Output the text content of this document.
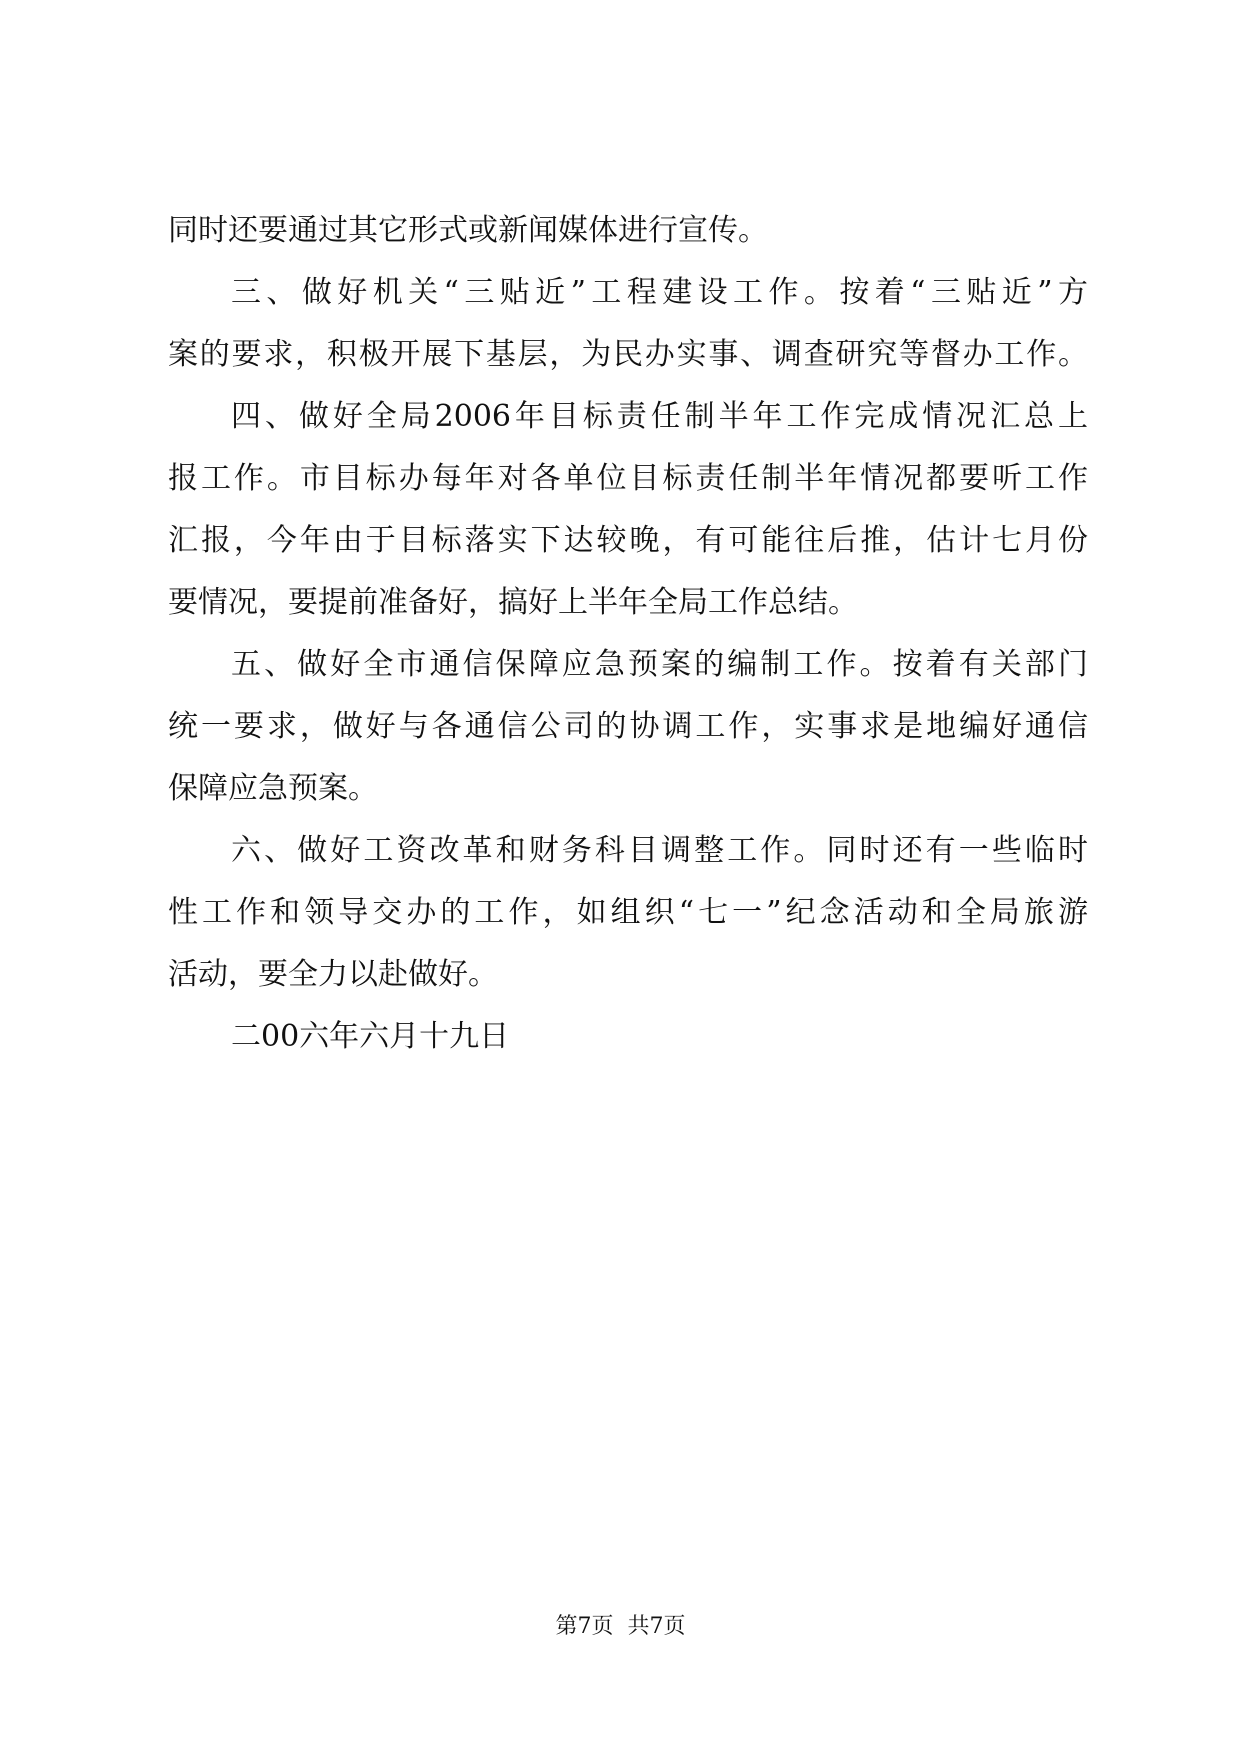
同时还要通过其它形式或新闻媒体进行宣传。
三、做好机关“三贴近”工程建设工作。按着“三贴近”方
案的要求，积极开展下基层，为民办实事、调查研究等督办工作。
四、做好全局2006年目标责任制半年工作完成情况汇总上
报工作。市目标办每年对各单位目标责任制半年情况都要听工作
汇报，今年由于目标落实下达较晚，有可能往后推，估计七月份
要情况，要提前准备好，搞好上半年全局工作总结。
五、做好全市通信保障应急预案的编制工作。按着有关部门
统一要求，做好与各通信公司的协调工作，实事求是地编好通信
保障应急预案。
六、做好工资改革和财务科目调整工作。同时还有一些临时
性工作和领导交办的工作，如组织“七一”纪念活动和全局旅游
活动，要全力以赴做好。
二00六年六月十九日
第7页 共7页
